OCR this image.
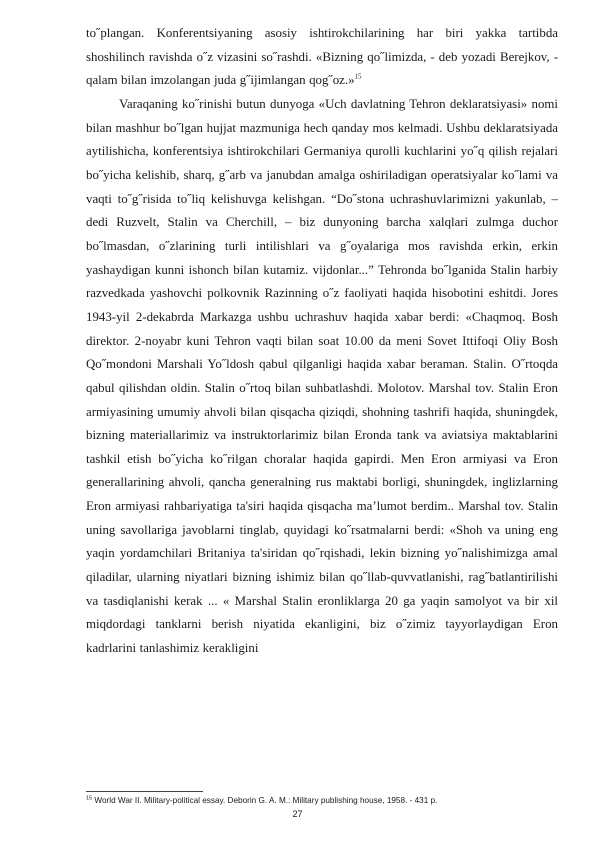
to˝plangan. Konferentsiyaning asosiy ishtirokchilarining har biri yakka tartibda shoshilinch ravishda o˝z vizasini so˝rashdi. «Bizning qo˝limizda, - deb yozadi Berejkov, - qalam bilan imzolangan juda g˝ijimlangan qog˝oz.»$^{15}$

Varaqaning ko˝rinishi butun dunyoga «Uch davlatning Tehron deklaratsiyasi» nomi bilan mashhur bo˝lgan hujjat mazmuniga hech qanday mos kelmadi. Ushbu deklaratsiyada aytilishicha, konferentsiya ishtirokchilari Germaniya qurolli kuchlarini yo˝q qilish rejalari bo˝yicha kelishib, sharq, g˝arb va janubdan amalga oshiriladigan operatsiyalar ko˝lami va vaqti to˝g˝risida to˝liq kelishuvga kelishgan. “Do˝stona uchrashuvlarimizni yakunlab, – dedi Ruzvelt, Stalin va Cherchill, – biz dunyoning barcha xalqlari zulmga duchor bo˝lmasdan, o˝zlarining turli intilishlari va g˝oyalariga mos ravishda erkin, erkin yashaydigan kunni ishonch bilan kutamiz. vijdonlar...” Tehronda bo˝lganida Stalin harbiy razvedkada yashovchi polkovnik Razinning o˝z faoliyati haqida hisobotini eshitdi. Jores 1943-yil 2-dekabrda Markazga ushbu uchrashuv haqida xabar berdi: «Chaqmoq. Bosh direktor. 2-noyabr kuni Tehron vaqti bilan soat 10.00 da meni Sovet Ittifoqi Oliy Bosh Qo˝mondoni Marshali Yo˝ldosh qabul qilganligi haqida xabar beraman. Stalin. O˝rtoqda qabul qilishdan oldin. Stalin o˝rtoq bilan suhbatlashdi. Molotov. Marshal tov. Stalin Eron armiyasining umumiy ahvoli bilan qisqacha qiziqdi, shohning tashrifi haqida, shuningdek, bizning materiallarimiz va instruktorlarimiz bilan Eronda tank va aviatsiya maktablarini tashkil etish bo˝yicha ko˝rilgan choralar haqida gapirdi. Men Eron armiyasi va Eron generallarining ahvoli, qancha generalning rus maktabi borligi, shuningdek, inglizlarning Eron armiyasi rahbariyatiga ta'siri haqida qisqacha ma’lumot berdim.. Marshal tov. Stalin uning savollariga javoblarni tinglab, quyidagi ko˝rsatmalarni berdi: «Shoh va uning eng yaqin yordamchilari Britaniya ta'siridan qo˝rqishadi, lekin bizning yo˝nalishimizga amal qiladilar, ularning niyatlari bizning ishimiz bilan qo˝llab-quvvatlanishi, rag˝batlantirilishi va tasdiqlanishi kerak ... « Marshal Stalin eronliklarga 20 ga yaqin samolyot va bir xil miqdordagi tanklarni berish niyatida ekanligini, biz o˝zimiz tayyorlaydigan Eron kadrlarini tanlashimiz kerakligini

$^{15}$ World War II. Military-political essay. Deborin G. A. M.: Military publishing house, 1958. - 431 p.
27
